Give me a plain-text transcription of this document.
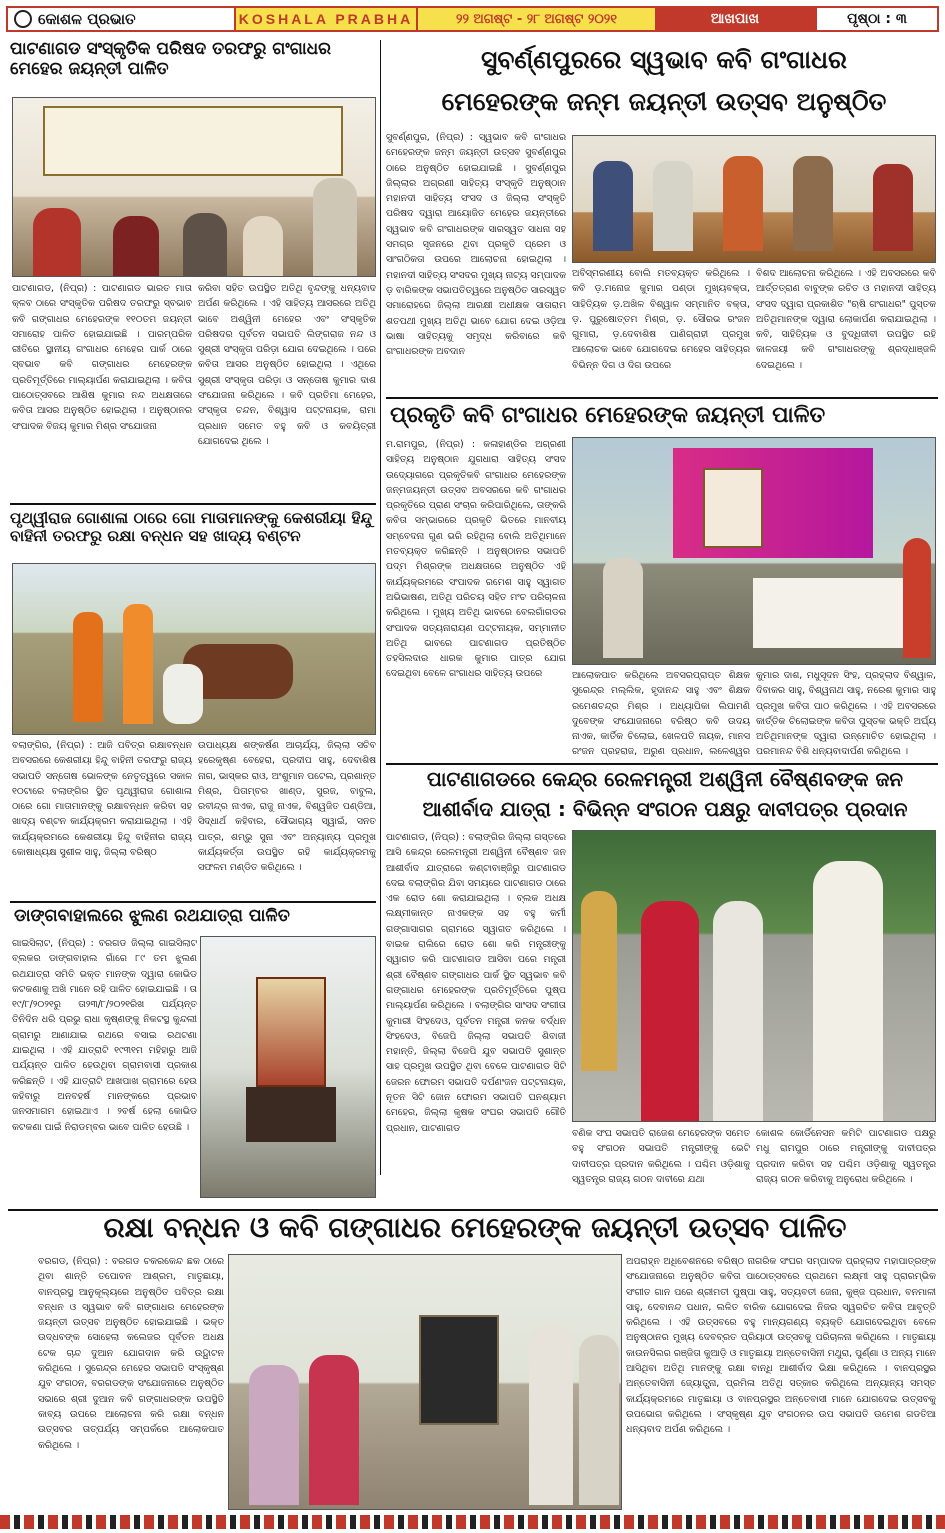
କୋଶଳ ପ୍ରଭାତ	KOSHALA PRABHA	୨୨ ଅଗଷ୍ଟ - ୨୮ ଅଗଷ୍ଟ ୨୦୨୧	ଆଖପାଖ	ପୃଷ୍ଠା : ୩
ପାଟଣାଗଡ ସଂସ୍କୃତିକ ପରିଷଦ ତରଫରୁ ଗଂଗାଧର ମେହେର ଜୟନ୍ତୀ ପାଳିତ
ପାଟଣାଗଡ, (ନିପ୍ର) : ପାଟଣାଗଡ ଭାରତ ମାତା କ୍ଳବ ଠାରେ ସଂସ୍କୃତିକ ପରିଷଦ ତରଫରୁ ସ୍ବଭାବ କବି ଗଙ୍ଗାଧର ମେହେରଙ୍କ ୧୧୦ତମ ଜୟନ୍ତୀ ସମାରୋହ ପାଳିତ ହୋଇଯାଇଛି । ପାରମ୍ପରିକ ରୀତିରେ ସ୍ଥାନୀୟ ଗଂଗାଧର ମେହେର ପାର୍କ ଠାରେ ସ୍ବଭାବ କବି ଗଙ୍ଗାଧର ମେହେରଙ୍କ ପ୍ରତିମୂର୍ତ୍ତିରେ ମାଲ୍ୟାର୍ପଣ କରାଯାଇଥିଲା । କବିତା ପାଠୋତ୍ସବରେ ଆଶିଷ କୁମାର ନନ୍ଦ ଅଧକ୍ଷତାରେ କବିତା ଆସର ଅନୁଷ୍ଠିତ ହୋଇଥିଲା । ଅନୁଷ୍ଠାନର ସଂପାଦକ ବିଜୟ କୁମାର ମିଶ୍ର ସଂଯୋଜନା
କରିବା ସହିତ ଉପସ୍ଥିତ ଅତିଥି ବୃନ୍ଦଙ୍କୁ ଧନ୍ୟବାଦ ଅର୍ପଣ କରିଥିଲେ । ଏହି ସାହିତ୍ୟ ଆସରରେ ଅତିଥି ଭାବେ ଅଶ୍ୱିନୀ ମେହେର ଏବଂ ସଂସ୍କୃତିକ ପରିଷଦର ପୂର୍ବତନ ସଭାପତି ଲିଙ୍ଗରାଜ ନନ୍ଦ ଓ ସୁଶ୍ରୀ ସଂସ୍କୃତା ପରିଡ଼ା ଯୋଗ ଦେଇଥିଲେ । ପରେ କବିତା ଆସର ଅନୁଷ୍ଠିତ ହୋଇଥିଲା । ଏଥିରେ ସୁଶ୍ରୀ ସଂସ୍କୃତା ପରିଡ଼ା ଓ ସନ୍ତୋଷ କୁମାର ଦାଶ ସଂଯୋଜନା କରିଥିଲେ । କବି ପ୍ରତିମା ମେହେର, ସଂସ୍କୃତା ଚନ୍ଦନ, ବିଶ୍ୱାସ ପଟ୍ଟନାୟକ, ରାମା ପ୍ରଧାନ ସମେତ ବହୁ କବି ଓ କବୟିତ୍ରୀ ଯୋଗଦେଇ ଥିଲେ ।
ପୃଥ୍ୱୀରାଜ ଗୋଶାଳା ଠାରେ ଗୋ ମାତାମାନଙ୍କୁ କେଶରୀୟା ହିନ୍ଦୁ ବାହିନୀ ତରଫରୁ ରକ୍ଷା ବନ୍ଧନ ସହ ଖାଦ୍ୟ ବଣ୍ଟନ
ବଲାଙ୍ଗିର, (ନିପ୍ର) : ଆଜି ପବିତ୍ର ରକ୍ଷାବନ୍ଧନ ଅବସରରେ କେଶରୀୟା ହିନ୍ଦୁ ବାହିନୀ ତରଫରୁ ରାଜ୍ୟ ସଭାପତି ସନ୍ତୋଷ ଭୋଳଙ୍କ ନେତୃତ୍ୱରେ ସକାଳ ୧୦ଟାରେ ବଲାଙ୍ଗିର ସ୍ଥିତ ପୃଥ୍ୱୀରାଜ ଗୋଶାଳା ଠାରେ ଗୋ ମାତାମାନଙ୍କୁ ରକ୍ଷାବନ୍ଧନ କରିବା ସହ ଖାଦ୍ୟ ବଣ୍ଟନ କାର୍ଯ୍ୟକ୍ରମ କରାଯାଇଥିଲା । ଏହି କାର୍ଯ୍ୟକ୍ରମରେ କେଶରୀୟା ହିନ୍ଦୁ ବାହିନୀର ରାଜ୍ୟ କୋଷାଧ୍ୟକ୍ଷ ସୁଶୀଳ ସାହୁ, ଜିଲ୍ଲା ବରିଷ୍ଠ
ଉପାଧ୍ୟକ୍ଷ ଶଙ୍କର୍ଷଣ ଆଚାର୍ଯ୍ୟ, ଜିଲ୍ଲା ସଚିବ ହରେକୃଷ୍ଣ ବେହେରା, ପ୍ରଦୀପ ସାହୁ, ଦେବାଶିଷ ନାଗ, ଭାସ୍କର ରାଓ, ଅଂଶୁମାନ ପଟେଲ, ପ୍ରଶାନ୍ତ ମିଶ୍ର, ପିତାମ୍ବର ଖାଣ୍ଡ, ସୁରଜ, ବାବୁଲ, ରବୀନ୍ଦ୍ର ନାଏକ, ରାଜୁ ନାଏକ, ବିଶ୍ୱଜିତ ପଣ୍ଡିଆ, ସିଦ୍ଧାର୍ଥ କହିବାର, ସୌଭାଗ୍ୟ ସ୍ୱାଇଁ, ସନତ ପାତ୍ର, ଶମ୍ଭୁ ସୁନା ଏବଂ ଅନ୍ୟାନ୍ୟ ପ୍ରମୁଖ କାର୍ଯ୍ୟକର୍ତ୍ତା ଉପସ୍ଥିତ ରହି କାର୍ଯ୍ୟକ୍ରମକୁ ସଫଳମ ମଣ୍ଡିତ କରିଥିଲେ ।
ଡାଙ୍ଗବାହାଲରେ ଝୁଲଣ ରଥଯାତ୍ରା ପାଳିତ
ଗାଇସିଲାଟ, (ନିପ୍ର) : ବରଗଡ ଜିଲ୍ଲା ଗାଇସିଲାଟ ବ୍ଲକର ଡାଙ୍ଗବାହାଲ ଗାଁରେ ୮୯ ତମ ଝୁଲଣ ରଥଯାତ୍ରା ସମିତି ଭକ୍ତ ମାନଙ୍କ ଦ୍ୱାରା କୋଭିଡ କଟକଣାକୁ ଅଖି ମାନେ ରହି ପାଳିତ ହୋଇଯାଇଛି । ତା ୧୯/୮/୨୦୨୧ରୁ ତା୨୩/୮/୨୦୨୧ରିଖ ପର୍ଯ୍ୟନ୍ତ ତିନିଦିନ ଧରି ପ୍ରଭୁ ରାଧା କୃଷ୍ଣଙ୍କୁ ନିକଟସ୍ଥ କୁନ୍ଦଲୀ ଗ୍ରାମରୁ ଆଣାଯାଇ ରଥରେ ବସାଇ ରଥଟଣା ଯାଇଥିଲା । ଏହି ଯାତ୍ରାଟି ୧୯୩୧ମ ମହିହାରୁ ଆଜି ପର୍ଯ୍ୟନ୍ତ ପାଳିତ ହେଉଥିବା ଗ୍ରାମବାସୀ ପ୍ରକାଶ କରିଛନ୍ତି । ଏହି ଯାତ୍ରାଟି ଆଖପାଖ ଗ୍ରାମରେ ହେଉ କହିବାରୁ ଅନବହର୍ଷ ମାନଙ୍କରେ ପ୍ରଭାବ ଜନସମାଗମ ହୋଇଥାଏ । ୨ବର୍ଷ ହେଲା କୋଭିଡ କଟକଣା ପାଇଁ ନିରାଡମ୍ବର ଭାବେ ପାଳିତ ହେଉଛି ।
ସୁବର୍ଣ୍ଣପୁରରେ ସ୍ୱଭାବ କବି ଗଂଗାଧର
ମେହେରଙ୍କ ଜନ୍ମ ଜୟନ୍ତୀ ଉତ୍ସବ ଅନୁଷ୍ଠିତ
ସୁବର୍ଣ୍ଣପୁର, (ନିପ୍ର) : ସ୍ୱଭାବ କବି ଗଂଗାଧର ମେହେରଙ୍କ ଜନ୍ମ ଜୟନ୍ତୀ ଉତ୍ସବ ସୁବର୍ଣ୍ଣପୁର ଠାରେ ଅନୁଷ୍ଠିତ ହୋଇଯାଇଛି । ସୁବର୍ଣ୍ଣପୁର ଜିଲ୍ଲାର ଅଗ୍ରଣୀ ସାହିତ୍ୟ ସଂସ୍କୃତି ଅନୁଷ୍ଠାନ ମହାନଦୀ ସାହିତ୍ୟ ସଂସଦ ଓ ଜିଲ୍ଲା ସଂସ୍କୃତି ପରିଷଦ ଦ୍ୱାରା ଆୟୋଜିତ ମେହେର ଜୟନ୍ତୀରେ ସ୍ୱଭାବ କବି ଗଂଗାଧରଙ୍କ ସାରସ୍ୱତ ସାଧନା ସହ ସମଗ୍ର ସୃଜନରେ ଥିବା ପ୍ରକୃତି ପ୍ରେମ ଓ ସାଂଗଠିକତା ଉପରେ ଆଲୋଚନା ହୋଇଥିଲା । ମହାନଦୀ ସାହିତ୍ୟ ସଂସଦର ମୁଖ୍ୟ ନାଟ୍ୟ ସମ୍ପାଦକ ଡ଼ ବାରିକଙ୍କ ସଭାପତିତ୍ୱରେ ଅନୁଷ୍ଠିତ ସାରସ୍ୱତ ସମାରୋହରେ ଜିଲ୍ଲା ଆରକ୍ଷୀ ଅଧୀକ୍ଷକ ସାତାରାମ ଶତପଥୀ ମୁଖ୍ୟ ଅତିଥି ଭାବେ ଯୋଗ ଦେଇ ଓଡ଼ିଆ ଭାଷା ସାହିତ୍ୟକୁ ସମୃଦ୍ଧ କରିବାରେ କବି ଗଂଗାଧରଙ୍କ ଅବଦାନ
ଅବିସ୍ମରଣୀୟ ବୋଲି ମତବ୍ୟକ୍ତ କରିଥିଲେ । କବି ଡ଼.ମନୋଜ କୁମାର ପଣ୍ଡା ମୁଖ୍ୟବକ୍ତା, ସାହିତ୍ୟିକ ଡ଼.ଅଖିଳ ବିଶ୍ୱାଳ ସମ୍ମାନିତ ବକ୍ତା, ଡ଼. ପୁରୁଷୋତ୍ତମ ମିଶ୍ର, ଡ଼. ସୌରଭ ରଂଜନ ଗୁମାରା, ଡ଼.ଦେବାଶିଷ ପାଣିଗ୍ରାହୀ ପ୍ରମୁଖ ଆଲୋଚକ ଭାବେ ଯୋଗଦେଇ ମେହେର ସାହିତ୍ୟର ବିଭିନ୍ନ ଦିଗ ଓ ଦିଗ ଉପରେ
ବିଶଦ ଆଲୋଚନା କରିଥିଲେ । ଏହି ଅବସରରେ କବି ଆର୍ତ୍ତତ୍ରାଣ ବାବୁଙ୍କ ରଚିତ ଓ ମହାନଦୀ ସାହିତ୍ୟ ସଂସଦ ଦ୍ୱାରା ପ୍ରକାଶିତ "ଋଷି ଗଂଗାଧର" ପୁସ୍ତକ ଅତିଥିମାନଙ୍କ ଦ୍ୱାରା ଲୋକାର୍ପଣ କରାଯାଇଥିଲା । କବି, ସାହିତ୍ୟିକ ଓ ବୁଦ୍ଧିଜୀବୀ ଉପସ୍ଥିତ ରହି କାଳଜୟୀ କବି ଗଂଗାଧରଙ୍କୁ ଶ୍ରଦ୍ଧାଞ୍ଜଳି ଦେଇଥିଲେ ।
ପ୍ରକୃତି କବି ଗଂଗାଧର ମେହେରଙ୍କ ଜୟନ୍ତୀ ପାଳିତ
ମ.ରାମପୁର, (ନିପ୍ର) : କଳାହାଣ୍ଡିର ଅଗ୍ରଣୀ ସାହିତ୍ୟ ଅନୁଷ୍ଠାନ ଯୁଗଧାରା ସାହିତ୍ୟ ସଂସଦ ଉଦ୍ୟୋଗରେ ପ୍ରକୃତିକବି ଗଂଗାଧର ମେହେରଙ୍କ ଜନ୍ମଜୟନ୍ତୀ ଉତ୍ସବ ଅବସରରେ କବି ଗଂଗାଧର ପ୍ରକୃତିରେ ପ୍ରାଣ ସଂଚାର କରିପାରିଥିଲେ, ତାଙ୍କରି କବିତା ସମ୍ଭାରରେ ପ୍ରକୃତି ଭିତରେ ମାନବୀୟ ସମ୍ବେଦନା ଗୁଣ ଭରି ରହିଥିଲା ବୋଲି ଅତିଥିମାନେ ମତବ୍ୟକ୍ତ କରିଛନ୍ତି । ଅନୁଷ୍ଠାନର ସଭାପତି ପଦ୍ମ ମିଶ୍ରଙ୍କ ଅଧକ୍ଷତାରେ ଅନୁଷ୍ଠିତ ଏହି କାର୍ଯ୍ୟକ୍ରମରେ ସଂପାଦକ ରମେଶ ସାହୁ ସ୍ୱାଗତ ଅଭିଭାଷଣ, ଅତିଥି ପରିଚୟ ସହିତ ମଂଚ ପରିଚାଳନା କରିଥିଲେ । ମୁଖ୍ୟ ଅତିଥି ଭାବରେ ବେଲଗାଁଗଡର ସଂପାଦକ ସତ୍ୟନାରାୟଣ ପଟ୍ଟନାୟକ, ସମ୍ମାନୀତ ଅତିଥି ଭାବରେ ପାଟଣାଗଡ ପ୍ରତିଷ୍ଠିତ ତହସିଲଦାର ଧାରକ କୁମାର ପାତ୍ର ଯୋଗ ଦେଇଥିବା ବେଳେ ଗଂଗାଧର ସାହିତ୍ୟ ଉପରେ	ଆଲୋକପାତ କରିଥିଲେ ଅବସରପ୍ରାପ୍ତ ଶିକ୍ଷକ ସୁରେନ୍ଦ୍ର ମଲ୍ଲିକ, ହୃଦାନନ୍ଦ ସାହୁ ଏବଂ ଶିକ୍ଷକ ରମେଶଚନ୍ଦ୍ର ମିଶ୍ର । ଅଧ୍ୟାପିକା ଲିପାମଣି ଦୁବେଙ୍କ ସଂଯୋଜନାରେ ବରିଷ୍ଠ କବି ଉଦୟ ନାଏକ, କାର୍ତିକ ଚିଲୋଇ, ଖେଳପତି ନାୟକ, ମାନସ ରଂଜନ ପ୍ରହରାଜ, ଅରୁଣ ପ୍ରଧାନ, ଲଳେଶ୍ୱର
କୁମାର ଦାଶ, ମଧୁସୂଦନ ସିଂହ, ପ୍ରହ୍ଲାଦ ବିଶ୍ୱାଳ, ଦିବାକର ସାହୁ, ବିଶ୍ୱନାଥ ସାହୁ, ନରେଶ କୁମାର ସାହୁ ପ୍ରମୁଖ କବିତା ପାଠ କରିଥିଲେ । ଏହି ଅବସରରେ କାର୍ତ୍ତିକ ଚିଲୋଇଙ୍କ କବିତା ପୁସ୍ତକ ଭକ୍ତି ଅର୍ଘ୍ୟ ଅତିଥିମାନଙ୍କ ଦ୍ୱାରା ଉନ୍ମୋଚିତ ହୋଇଥିଲା । ପରମାନନ୍ଦ ବିଶି ଧନ୍ୟବାଦାର୍ପଣ କରିଥିଲେ ।
ପାଟଣାଗଡରେ କେନ୍ଦ୍ର ରେଳମନ୍ତ୍ରୀ ଅଶ୍ୱିନୀ ବୈଷ୍ଣବଙ୍କ ଜନ
ଆଶୀର୍ବାଦ ଯାତ୍ରା : ବିଭିନ୍ନ ସଂଗଠନ ପକ୍ଷରୁ ଦାବୀପତ୍ର ପ୍ରଦାନ
ପାଟଣାଗଡ, (ନିପ୍ର) : ବଲାଙ୍ଗିର ଜିଲ୍ଲା ଗସ୍ତରେ ଆସି କେନ୍ଦ୍ର ରେଳମନ୍ତ୍ରୀ ଅଶ୍ୱିନୀ ବୈଷ୍ଣବ ଜନ ଆଶୀର୍ବାଦ ଯାତ୍ରାରେ କଣ୍ଟାବାଞ୍ଜିରୁ ପାଟଣାଗଡ ଦେଇ ବଲାଙ୍ଗିର ଯିବା ସମୟରେ ପାଟଣାଗଡ ଠାରେ ଏକ ରୋଡ ଶୋ କରାଯାଇଥିଲା । ବ୍ଲକ ଅଧକ୍ଷ ଲକ୍ଷ୍ମୀକାନ୍ତ ନାଏକଙ୍କ ସହ ବହୁ କର୍ମୀ ଗଙ୍ଗାସାଗର ଗ୍ରାମରେ ସ୍ୱାଗତ କରିଥିଲେ । ବାଇକ ରାଲିରେ ରୋଡ ଶୋ କରି ମନ୍ତ୍ରୀଙ୍କୁ ସ୍ୱାଗତ କରି ପାଟଣାଗଡ ଆସିବା ପରେ ମନ୍ତ୍ରୀ ଶ୍ରୀ ବୈଷ୍ଣବ ଗଙ୍ଗାଧର ପାର୍କ ସ୍ଥିତ ସ୍ୱଭାବ କବି ଗଙ୍ଗାଧର ମେହେରଙ୍କ ପ୍ରତିମୂର୍ତ୍ତିରେ ପୁଷ୍ପ ମାଲ୍ୟାର୍ପଣ କରିଥିଲେ । ବଲାଙ୍ଗିର ସାଂସଦ ସଂଗୀତା କୁମାରୀ ସିଂହଦେଓ, ପୂର୍ବତନ ମନ୍ତ୍ରୀ କନକ ବର୍ଦ୍ଧନ ସିଂହଦେଓ, ବିଜେପି ଜିଲ୍ଲା ସଭାପତି ଶିବାଜୀ ମହାନ୍ତି, ଜିଲ୍ଲା ବିଜେପି ଯୁବ ସଭାପତି ସୁଶାନ୍ତ ସାହ ପ୍ରମୁଖ ଉପସ୍ଥିତ ଥିବା ବେଳେ ପାଟଣାଗଡ ସିଟି ଜେରନ ଫୋରମ ସଭାପତି ଦର୍ପଣଂଜନ ପଟ୍ଟନାୟକ, ନୂତନ ସିଟି ଜୋନ ଫୋରମ ସଭାପତି ଘନଶ୍ୟାମ ମେହେର, ଜିଲ୍ଲା କୃଷକ ସଂଘର ସଭାପତି ଗୌତି ପ୍ରଧାନ, ପାଟଣାଗଡ	ବଣିକ ସଂଘ ସଭାପତି ରାଜେଶ ମେହେରଙ୍କ ସମେତ ବହୁ ସଂଗଠନ ସଭାପତି ମନ୍ତ୍ରୀଙ୍କୁ ଭେଟି ଦାବୀପତ୍ର ପ୍ରଦାନ କରିଥିଲେ । ପଶ୍ଚିମ ଓଡ଼ିଶାକୁ ସ୍ୱତନ୍ତ୍ର ରାଜ୍ୟ ଗଠନ ଦାବୀରେ ଯଥା
କୋଶଳ କୋର୍ଡିନେସନ କମିଟି ପାଟଣାଗଡ ପକ୍ଷରୁ ମଧୁ ରାମପୁର ଠାରେ ମନ୍ତ୍ରୀଙ୍କୁ ଦାବୀପତ୍ର ପ୍ରଦାନ କରିବା ସହ ପଶ୍ଚିମ ଓଡ଼ିଶାକୁ ସ୍ୱତନ୍ତ୍ର ରାଜ୍ୟ ଗଠନ କରିବାକୁ ଅନୁରୋଧ କରିଥିଲେ ।
ରକ୍ଷା ବନ୍ଧନ ଓ କବି ଗଙ୍ଗାଧର ମେହେରଙ୍କ ଜୟନ୍ତୀ ଉତ୍ସବ ପାଳିତ
ବରଗଡ, (ନିପ୍ର) : ବରଗଡ ଚକରକେନ୍ଦ ଛକ ଠାରେ ଥିବା ଶାନ୍ତି ତପୋବନ ଆଶ୍ରମ, ମାତୃଛାୟା, ବାନପ୍ରସ୍ଥ ଆନୁକୂଲ୍ୟରେ ଅନୁଷ୍ଠିତ ପବିତ୍ର ରକ୍ଷା ବନ୍ଧନ ଓ ସ୍ୱଭାବ କବି ଗଙ୍ଗାଧର ମେହେରଙ୍କ ଜୟନ୍ତୀ ଉତ୍ସବ ଅନୁଷ୍ଠିତ ହୋଇଯାଇଛି । ଭକ୍ତ ଉଦ୍ଧବଙ୍କ ସୋହେଲା କଲେଜର ପୂର୍ବତନ ଅଧକ୍ଷ ଟେକ ଚାନ୍ଦ ଦୁଆନ ଯୋଗଦାନ କରି ଉଦ୍ଘାଟନ କରିଥିଲେ । ସୁରେନ୍ଦ୍ର ମେହେର ସଭାପତି ସଂସ୍କୃଷ୍ଣ ଯୁବ ସଂଗଠନ, ବରଗଡଙ୍କ ସଂଯୋଜନାରେ ଅନୁଷ୍ଠିତ ସଭାରେ ଶ୍ରୀ ଦୁଆନ କବି ଗଙ୍ଗାଧରଙ୍କ ଉପସ୍ଥିତି କାବ୍ୟ ଉପରେ ଆଲୋଚନା କରି ରକ୍ଷା ବନ୍ଧନ ଉତ୍ସବର ତାତ୍ପର୍ଯ୍ୟ ସମ୍ପର୍କରେ ଆଲୋକପାତ କରିଥିଲେ ।
ଅପରାହ୍ନ ଅଧିବେଶନରେ ବରିଷ୍ଠ ନାଗରିକ ସଂଘର ସମ୍ପାଦକ ପ୍ରହ୍ଲାଦ ମହାପାତ୍ରଙ୍କ ସଂଯୋଜନାରେ ଅନୁଷ୍ଠିତ କବିତା ପାଠୋତ୍ସବରେ ପ୍ରଥମେ ଲକ୍ଷ୍ମୀ ସାହୁ ପ୍ରାରମ୍ଭିକ ସଂଗୀତ ଗାନ ପରେ ଶ୍ରୀମତୀ ପୁଷ୍ପା ସାହୁ, ସତ୍ୟବତୀ ଜେନା, କୁଞ୍ଜ ପ୍ରଧାନ, ବନମାଳୀ ସାହୁ, ଦେବାନନ୍ଦ ପଧାନ, ଲଳିତ ବାରିକ ଯୋଗଦେଇ ନିଜର ସ୍ୱରଚିତ କବିତା ଆବୃତ୍ତି କରିଥିଲେ । ଏହି ଉତ୍ସବରେ ବହୁ ମାନ୍ୟଗଣ୍ୟ ବ୍ୟକ୍ତି ଯୋଗଦେଇଥିବା ବେଳେ ଅନୁଷ୍ଠାନର ମୁଖ୍ୟ ଦେବବ୍ରତ ପ୍ରିୟାଠୀ ଉତ୍ସବକୁ ପରିଚାଳନା କରିଥିଲେ । ମାତୃଛାୟା କାଉନସିଲର ରଞ୍ଜିତା କୁଆଡ଼ି ଓ ମାତୃଛାୟା ଅନ୍ତେବାସିନୀ ମଥୁରା, ପୁର୍ଣ୍ଣା ଓ ଅନ୍ୟ ମାନେ ଆସିଥିବା ଅତିଥି ମାନଙ୍କୁ ରକ୍ଷା ବାନ୍ଧି ଆଶୀର୍ବାଦ ଭିକ୍ଷା କରିଥିଲେ । ବାନପ୍ରସ୍ଥର ଅନ୍ତେବାସିନୀ ଜ୍ୟୋତ୍ସ୍ନା, ପ୍ରମିଳା ଅତିଥି ସତ୍କାର କରିଥିଲେ ଅନ୍ୟାନ୍ୟ ସମସ୍ତ କାର୍ଯ୍ୟକ୍ରମରେ ମାତୃଛାୟା ଓ ବାନପ୍ରସ୍ଥର ଅନ୍ତେବାସୀ ମାନେ ଯୋଗଦେଇ ଉତ୍ସବକୁ ଉପଭୋଗ କରିଥିଲେ । ସଂସ୍କୃଷ୍ଣ ଯୁବ ସଂଗଠନର ଉପ ସଭାପତି ଉମେଶ ଗଡତିଆ ଧନ୍ୟବାଦ ଅର୍ପଣ କରିଥିଲେ ।
